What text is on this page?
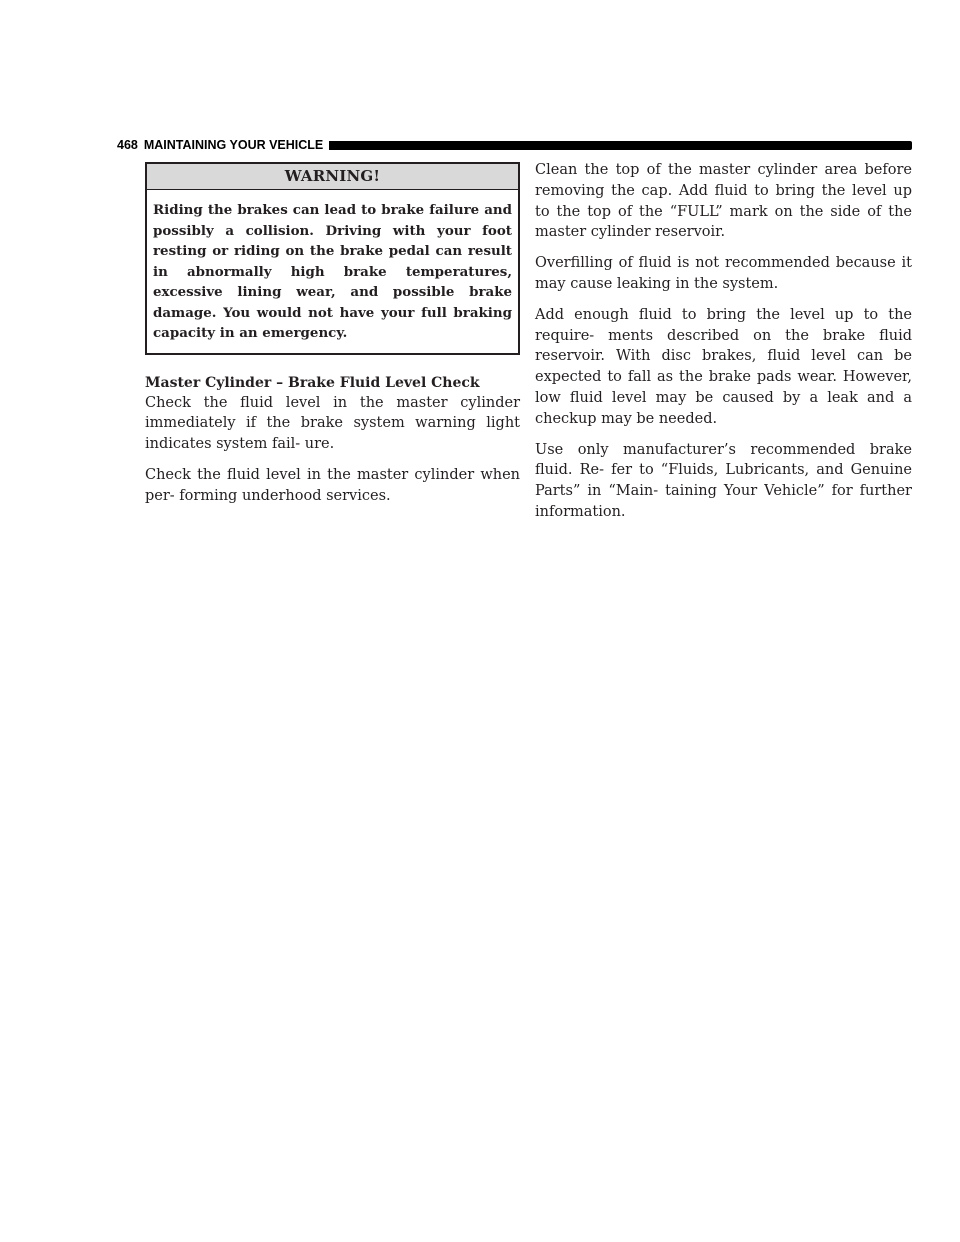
468 MAINTAINING YOUR VEHICLE
WARNING!
Riding the brakes can lead to brake failure and possibly a collision. Driving with your foot resting or riding on the brake pedal can result in abnormally high brake temperatures, excessive lining wear, and possible brake damage. You would not have your full braking capacity in an emergency.
Master Cylinder – Brake Fluid Level Check

Check the fluid level in the master cylinder immediately if the brake system warning light indicates system fail- ure.

Check the fluid level in the master cylinder when per- forming underhood services.

Clean the top of the master cylinder area before removing the cap. Add fluid to bring the level up to the top of the “FULL” mark on the side of the master cylinder reservoir.

Overfilling of fluid is not recommended because it may cause leaking in the system.

Add enough fluid to bring the level up to the require- ments described on the brake fluid reservoir. With disc brakes, fluid level can be expected to fall as the brake pads wear. However, low fluid level may be caused by a leak and a checkup may be needed.

Use only manufacturer’s recommended brake fluid. Re- fer to “Fluids, Lubricants, and Genuine Parts” in “Main- taining Your Vehicle” for further information.
